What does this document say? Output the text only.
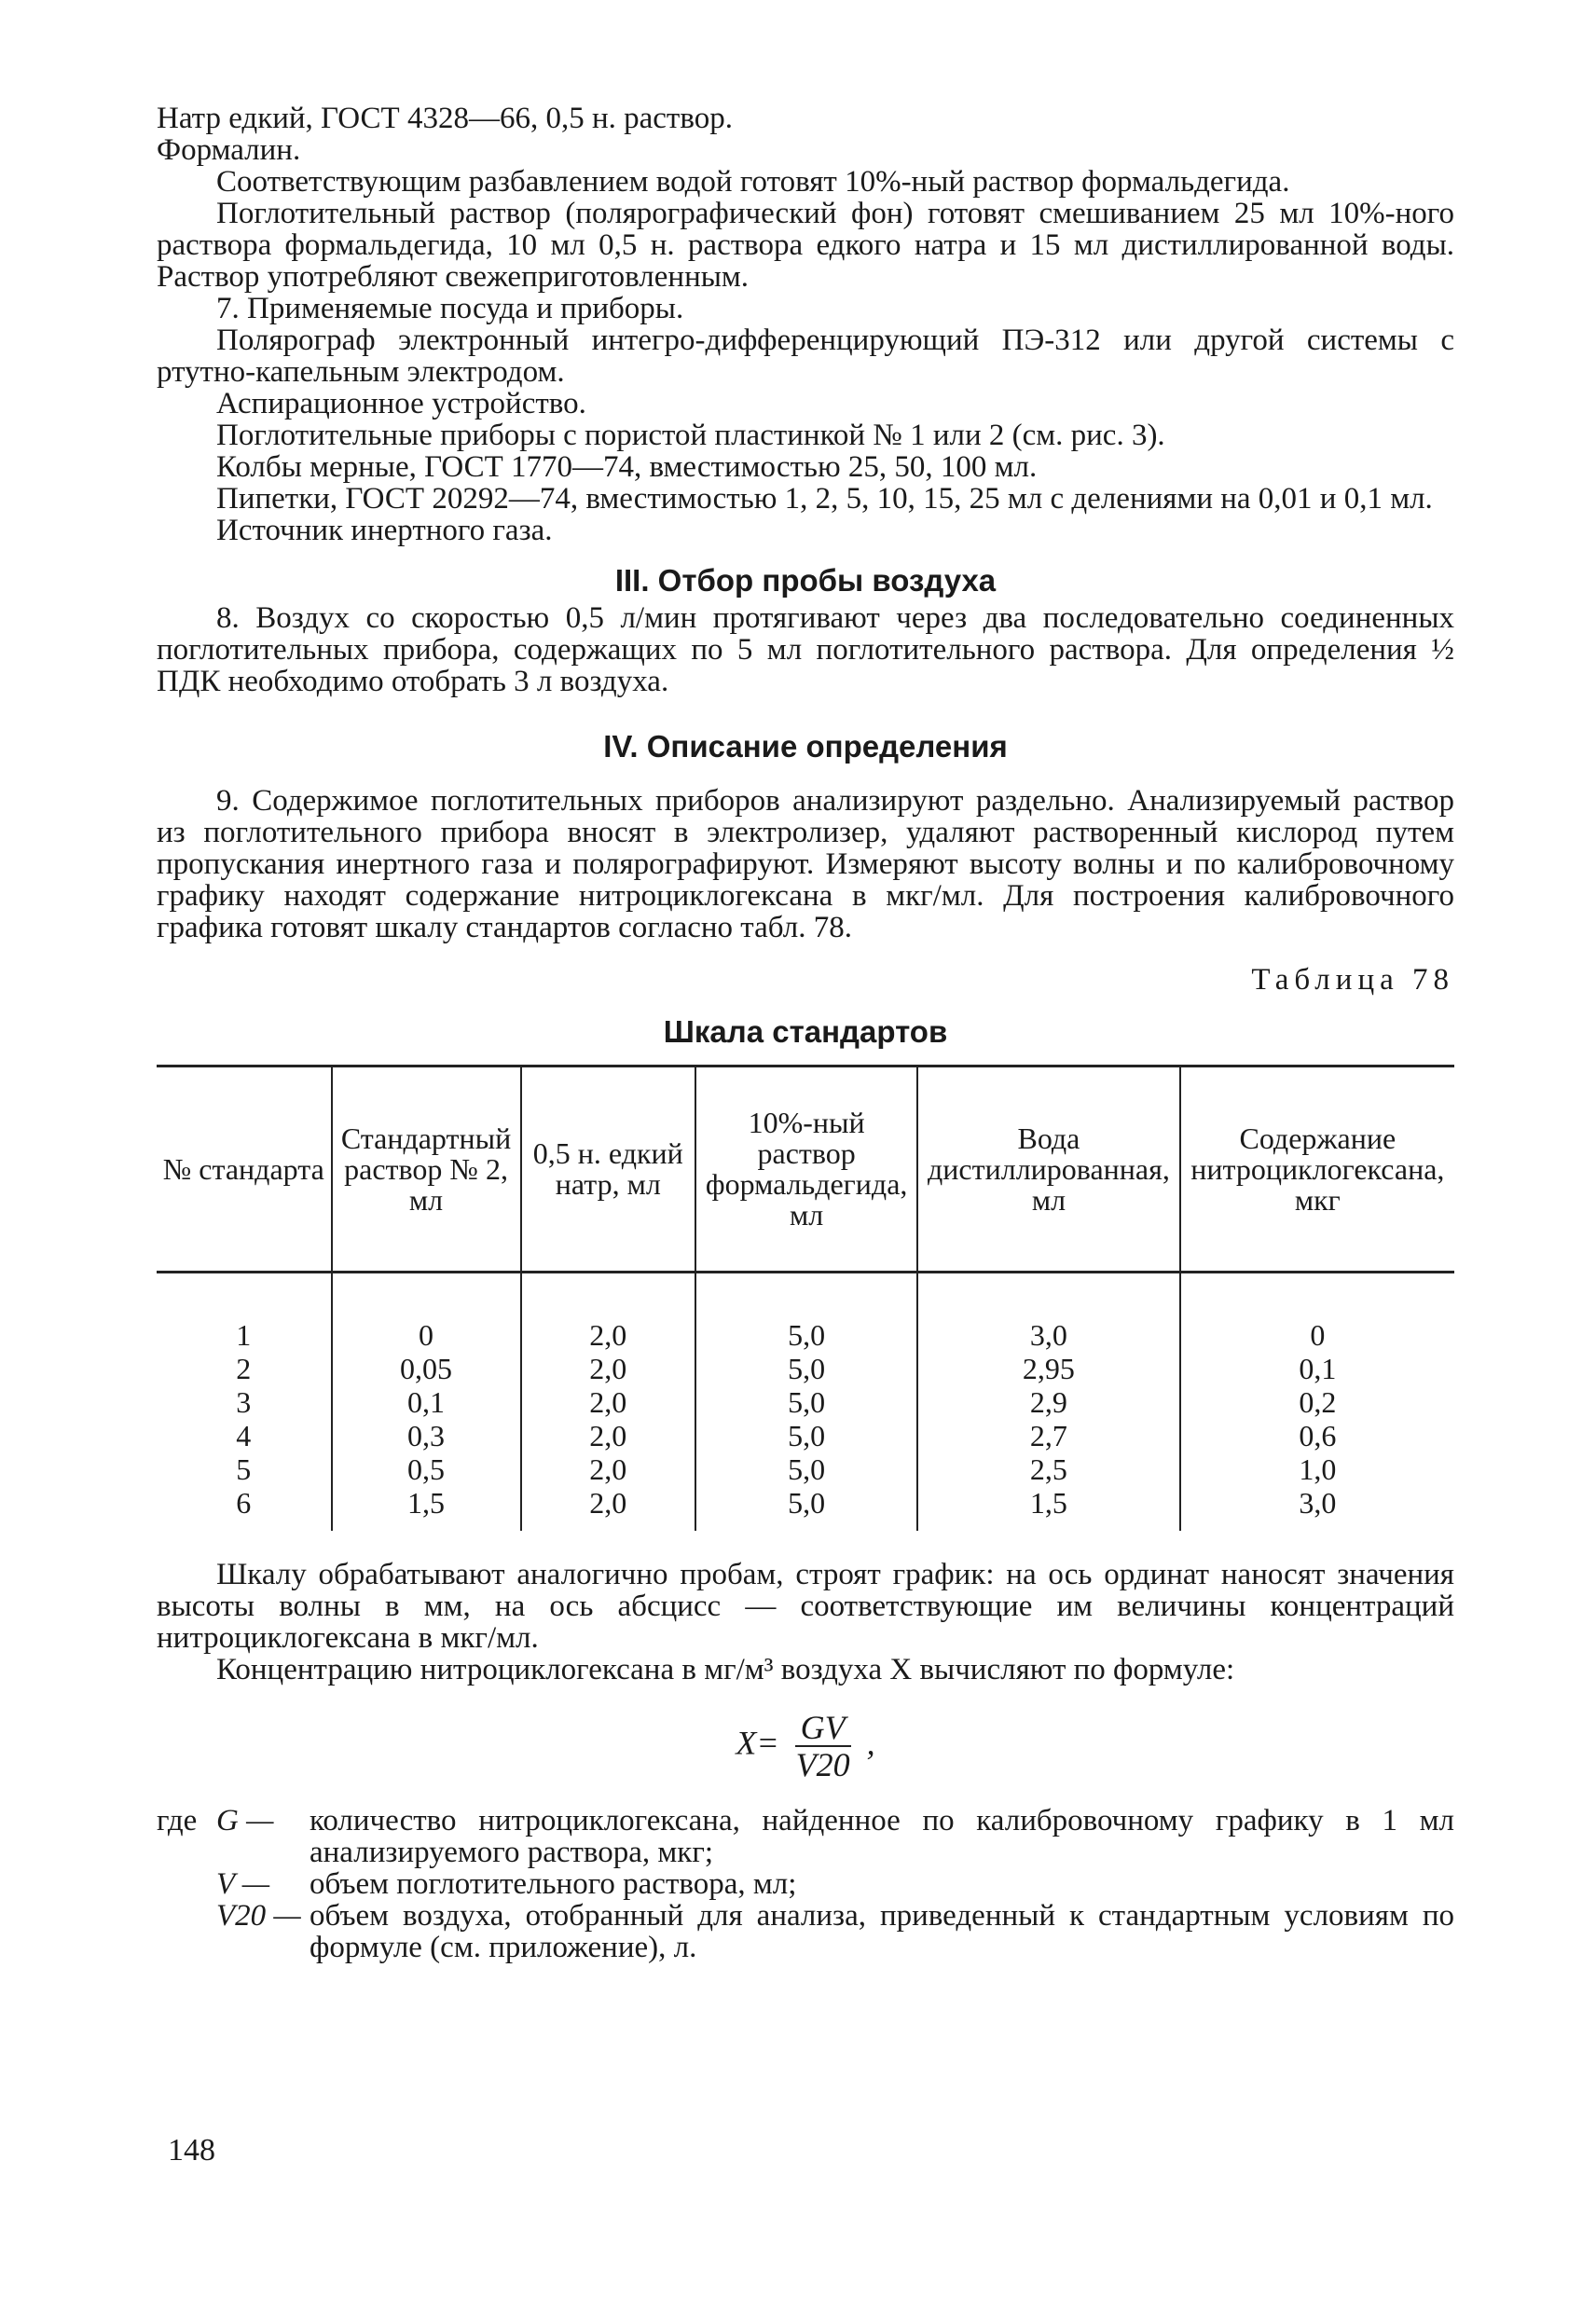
Натр едкий, ГОСТ 4328—66, 0,5 н. раствор.

Формалин.

Соответствующим разбавлением водой готовят 10%-ный раствор формальдегида.

Поглотительный раствор (полярографический фон) готовят смешиванием 25 мл 10%-ного раствора формальдегида, 10 мл 0,5 н. раствора едкого натра и 15 мл дистиллированной воды. Раствор употребляют свежеприготовленным.

7. Применяемые посуда и приборы.

Полярограф электронный интегро-дифференцирующий ПЭ-312 или другой системы с ртутно-капельным электродом.

Аспирационное устройство.

Поглотительные приборы с пористой пластинкой № 1 или 2 (см. рис. 3).

Колбы мерные, ГОСТ 1770—74, вместимостью 25, 50, 100 мл.

Пипетки, ГОСТ 20292—74, вместимостью 1, 2, 5, 10, 15, 25 мл с делениями на 0,01 и 0,1 мл.

Источник инертного газа.

III. Отбор пробы воздуха

8. Воздух со скоростью 0,5 л/мин протягивают через два последовательно соединенных поглотительных прибора, содержащих по 5 мл поглотительного раствора. Для определения ½ ПДК необходимо отобрать 3 л воздуха.

IV. Описание определения

9. Содержимое поглотительных приборов анализируют раздельно. Анализируемый раствор из поглотительного прибора вносят в электролизер, удаляют растворенный кислород путем пропускания инертного газа и полярографируют. Измеряют высоту волны и по калибровочному графику находят содержание нитроциклогексана в мкг/мл. Для построения калибровочного графика готовят шкалу стандартов согласно табл. 78.

Таблица 78
Шкала стандартов
№ стандарта	Стандартный раствор № 2, мл	0,5 н. едкий натр, мл	10%-ный раствор формальдегида, мл	Вода дистиллированная, мл	Содержание нитроциклогексана, мкг

1	0	2,0	5,0	3,0	0
2	0,05	2,0	5,0	2,95	0,1
3	0,1	2,0	5,0	2,9	0,2
4	0,3	2,0	5,0	2,7	0,6
5	0,5	2,0	5,0	2,5	1,0
6	1,5	2,0	5,0	1,5	3,0

Шкалу обрабатывают аналогично пробам, строят график: на ось ординат наносят значения высоты волны в мм, на ось абсцисс — соответствующие им величины концентраций нитроциклогексана в мкг/мл.

Концентрацию нитроциклогексана в мг/м³ воздуха X вычисляют по формуле:

$X= \frac{GV}{V20}$ ,
где G —	количество нитроциклогексана, найденное по калибровочному графику в 1 мл анализируемого раствора, мкг;
V —	объем поглотительного раствора, мл;
V20 — объем воздуха, отобранный для анализа, приведенный к стандартным условиям по формуле (см. приложение), л.
148
